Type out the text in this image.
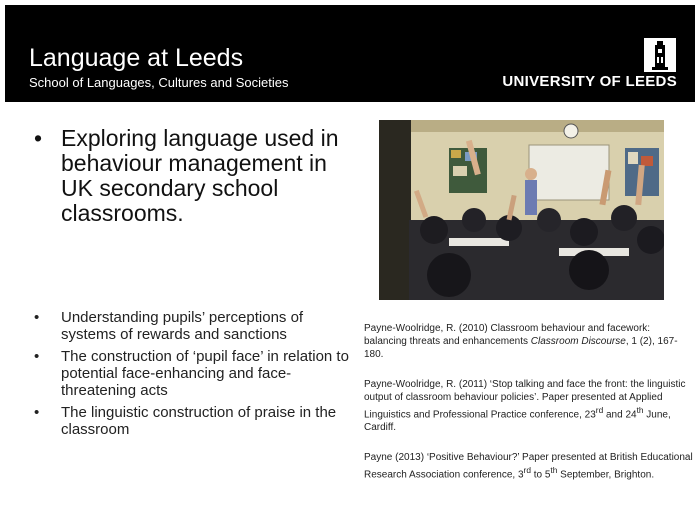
Language at Leeds
School of Languages, Cultures and Societies	UNIVERSITY OF LEEDS
• Exploring language used in behaviour management in UK secondary school classrooms.
• Understanding pupils’ perceptions of systems of rewards and sanctions
• The construction of ‘pupil face’ in relation to potential face-enhancing and face-threatening acts
• The linguistic construction of praise in the classroom

Payne-Woolridge, R. (2010) Classroom behaviour and facework: balancing threats and enhancements Classroom Discourse, 1 (2), 167-180.

Payne-Woolridge, R. (2011) ‘Stop talking and face the front: the linguistic output of classroom behaviour policies’. Paper presented at Applied Linguistics and Professional Practice conference, 23rd and 24th June, Cardiff.

Payne (2013) ‘Positive Behaviour?’ Paper presented at British Educational Research Association conference, 3rd to 5th September, Brighton.
